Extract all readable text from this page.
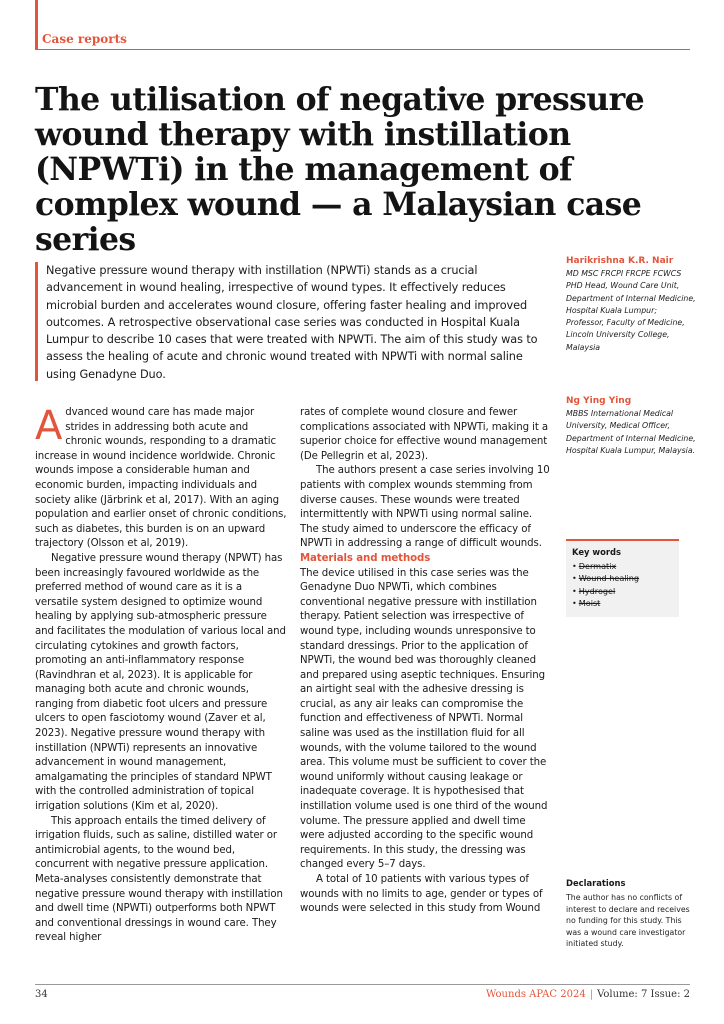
Case reports
The utilisation of negative pressure wound therapy with instillation (NPWTi) in the management of complex wound — a Malaysian case series

Negative pressure wound therapy with instillation (NPWTi) stands as a crucial advancement in wound healing, irrespective of wound types. It effectively reduces microbial burden and accelerates wound closure, offering faster healing and improved outcomes. A retrospective observational case series was conducted in Hospital Kuala Lumpur to describe 10 cases that were treated with NPWTi. The aim of this study was to assess the healing of acute and chronic wound treated with NPWTi with normal saline using Genadyne Duo.

Harikrishna K.R. Nair

MD MSC FRCPI FRCPE FCWCS PHD Head, Wound Care Unit, Department of Internal Medicine, Hospital Kuala Lumpur; Professor, Faculty of Medicine, Lincoln University College, Malaysia

Ng Ying Ying

MBBS International Medical University, Medical Officer, Department of Internal Medicine, Hospital Kuala Lumpur, Malaysia.

Advanced wound care has made major strides in addressing both acute and chronic wounds, responding to a dramatic increase in wound incidence worldwide. Chronic wounds impose a considerable human and economic burden, impacting individuals and society alike (Järbrink et al, 2017). With an aging population and earlier onset of chronic conditions, such as diabetes, this burden is on an upward trajectory (Olsson et al, 2019).

Negative pressure wound therapy (NPWT) has been increasingly favoured worldwide as the preferred method of wound care as it is a versatile system designed to optimize wound healing by applying sub-atmospheric pressure and facilitates the modulation of various local and circulating cytokines and growth factors, promoting an anti-inflammatory response (Ravindhran et al, 2023). It is applicable for managing both acute and chronic wounds, ranging from diabetic foot ulcers and pressure ulcers to open fasciotomy wound (Zaver et al, 2023). Negative pressure wound therapy with instillation (NPWTi) represents an innovative advancement in wound management, amalgamating the principles of standard NPWT with the controlled administration of topical irrigation solutions (Kim et al, 2020).

This approach entails the timed delivery of irrigation fluids, such as saline, distilled water or antimicrobial agents, to the wound bed, concurrent with negative pressure application. Meta-analyses consistently demonstrate that negative pressure wound therapy with instillation and dwell time (NPWTi) outperforms both NPWT and conventional dressings in wound care. They reveal higher

rates of complete wound closure and fewer complications associated with NPWTi, making it a superior choice for effective wound management (De Pellegrin et al, 2023).

The authors present a case series involving 10 patients with complex wounds stemming from diverse causes. These wounds were treated intermittently with NPWTi using normal saline. The study aimed to underscore the efficacy of NPWTi in addressing a range of difficult wounds.

Materials and methods

The device utilised in this case series was the Genadyne Duo NPWTi, which combines conventional negative pressure with instillation therapy. Patient selection was irrespective of wound type, including wounds unresponsive to standard dressings. Prior to the application of NPWTi, the wound bed was thoroughly cleaned and prepared using aseptic techniques. Ensuring an airtight seal with the adhesive dressing is crucial, as any air leaks can compromise the function and effectiveness of NPWTi. Normal saline was used as the instillation fluid for all wounds, with the volume tailored to the wound area. This volume must be sufficient to cover the wound uniformly without causing leakage or inadequate coverage. It is hypothesised that instillation volume used is one third of the wound volume. The pressure applied and dwell time were adjusted according to the specific wound requirements. In this study, the dressing was changed every 5–7 days.

A total of 10 patients with various types of wounds with no limits to age, gender or types of wounds were selected in this study from Wound

Key words

• Dermatix
• Wound healing
• Hydrogel
• Moist

Declarations

The author has no conflicts of interest to declare and receives no funding for this study. This was a wound care investigator initiated study.

34	Wounds APAC 2024 | Volume: 7 Issue: 2
